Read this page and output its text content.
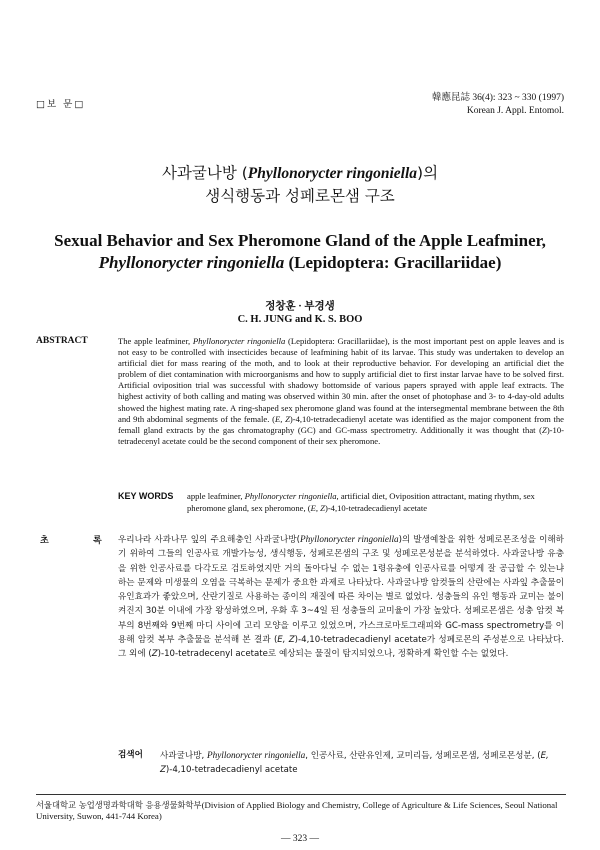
□보 문□
韓應昆誌 36(4): 323 ~ 330 (1997)
Korean J. Appl. Entomol.
사과굴나방 (Phyllonorycter ringoniella)의
생식행동과 성페로몬샘 구조
Sexual Behavior and Sex Pheromone Gland of the Apple Leafminer,
Phyllonorycter ringoniella (Lepidoptera: Gracillariidae)
정창훈 · 부경생
C. H. JUNG and K. S. BOO
ABSTRACT	The apple leafminer, Phyllonorycter ringoniella (Lepidoptera: Gracillariidae), is the most important pest on apple leaves and is not easy to be controlled with insecticides because of leafmining habit of its larvae. This study was undertaken to develop an artificial diet for mass rearing of the moth, and to look at their reproductive behavior. For developing an artificial diet the problem of diet contamination with microorganisms and how to supply artificial diet to first instar larvae have to be solved first. Artificial oviposition trial was successful with shadowy bottomside of various papers sprayed with apple leaf extracts. The highest activity of both calling and mating was observed within 30 min. after the onset of photophase and 3- to 4-day-old adults showed the highest mating rate. A ring-shaped sex pheromone gland was found at the intersegmental membrane between the 8th and 9th abdominal segments of the female. (E, Z)-4,10-tetradecadienyl acetate was identified as the major component from the femall gland extracts by the gas chromatography (GC) and GC-mass spectrometry. Additionally it was thought that (Z)-10-tetradecenyl acetate could be the second component of their sex pheromone.
KEY WORDS apple leafminer, Phyllonorycter ringoniella, artificial diet, Oviposition attractant, mating rhythm, sex pheromone gland, sex pheromone, (E, Z)-4,10-tetradecadienyl acetate
초	록 우리나라 사과나무 잎의 주요해충인 사과굴나방(Phyllonorycter ringoniella)의 발생예찰을 위한 성페로몬조성을 이해하기 위하여 그들의 인공사료 개발가능성, 생식행동, 성페로몬샘의 구조 및 성페로몬성분을 분석하였다. 사과굴나방 유충을 위한 인공사료를 다각도로 검토하였지만 거의 돌아다닐 수 없는 1령유충에 인공사료를 어떻게 잘 공급할 수 있는냐 하는 문제와 미생물의 오염을 극복하는 문제가 중요한 과제로 나타났다. 사과굴나방 암컷들의 산란에는 사과잎 추출물이 유인효과가 좋았으며, 산란기질로 사용하는 종이의 재질에 따른 차이는 별로 없었다. 성충들의 유인 행동과 교미는 불이 켜진지 30분 이내에 가장 왕성하였으며, 우화 후 3~4일 된 성충들의 교미율이 가장 높았다. 성페로몬샘은 성충 암컷 복부의 8번째와 9번째 마디 사이에 고리 모양을 이루고 있었으며, 가스크로마토그래피와 GC-mass spectrometry를 이용해 암컷 복부 추출물을 분석해 본 결과 (E, Z)-4,10-tetradecadienyl acetate가 성페로몬의 주성분으로 나타났다. 그 외에 (Z)-10-tetradecenyl acetate로 예상되는 물질이 탐지되었으나, 정확하게 확인할 수는 없었다.
검색어 사과굴나방, Phyllonorycter ringoniella, 인공사료, 산란유인제, 교미리듬, 성페로몬샘, 성페로몬성분, (E, Z)-4,10-tetradecadienyl acetate
서울대학교 농업생명과학대학 응용생물화학부(Division of Applied Biology and Chemistry, College of Agriculture & Life Sciences, Seoul National University, Suwon, 441-744 Korea)
— 323 —
